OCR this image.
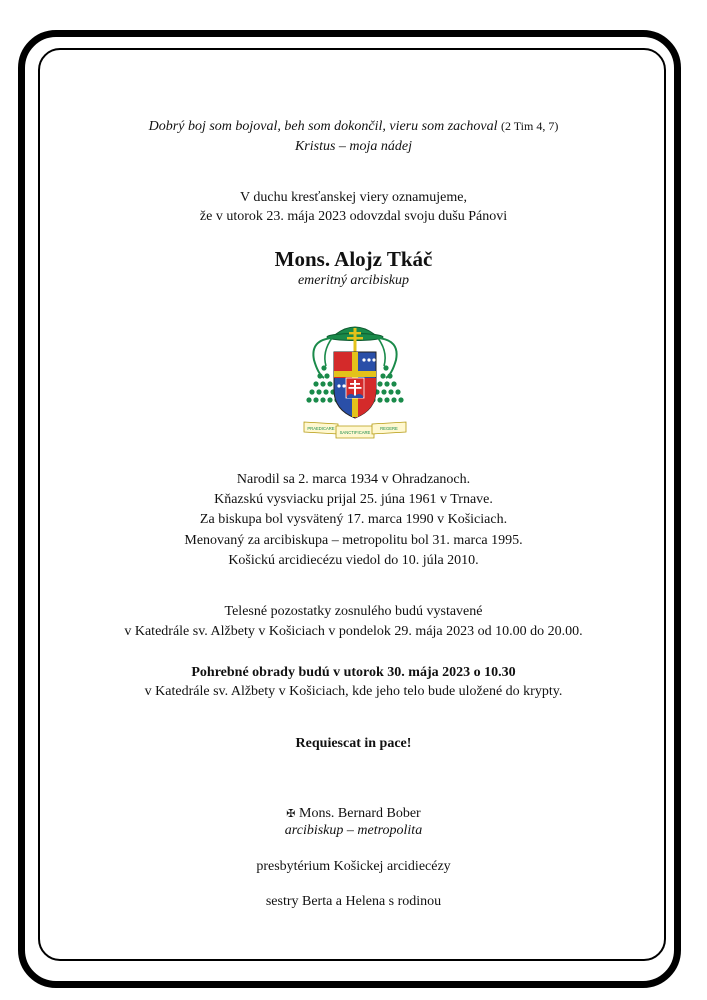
Dobrý boj som bojoval, beh som dokončil, vieru som zachoval (2 Tim 4, 7)
Kristus – moja nádej
V duchu kresťanskej viery oznamujeme,
že v utorok 23. mája 2023 odovzdal svoju dušu Pánovi
Mons. Alojz Tkáč
emeritný arcibiskup
PRAEDICARE
SANCTIFICARE
REGERE
Narodil sa 2. marca 1934 v Ohradzanoch.
Kňazskú vysviacku prijal 25. júna 1961 v Trnave.
Za biskupa bol vysvätený 17. marca 1990 v Košiciach.
Menovaný za arcibiskupa – metropolitu bol 31. marca 1995.
Košickú arcidiecézu viedol do 10. júla 2010.
Telesné pozostatky zosnulého budú vystavené
v Katedrále sv. Alžbety v Košiciach v pondelok 29. mája 2023 od 10.00 do 20.00.
Pohrebné obrady budú v utorok 30. mája 2023 o 10.30
v Katedrále sv. Alžbety v Košiciach, kde jeho telo bude uložené do krypty.
Requiescat in pace!
✠ Mons. Bernard Bober
arcibiskup – metropolita
presbytérium Košickej arcidiecézy
sestry Berta a Helena s rodinou
